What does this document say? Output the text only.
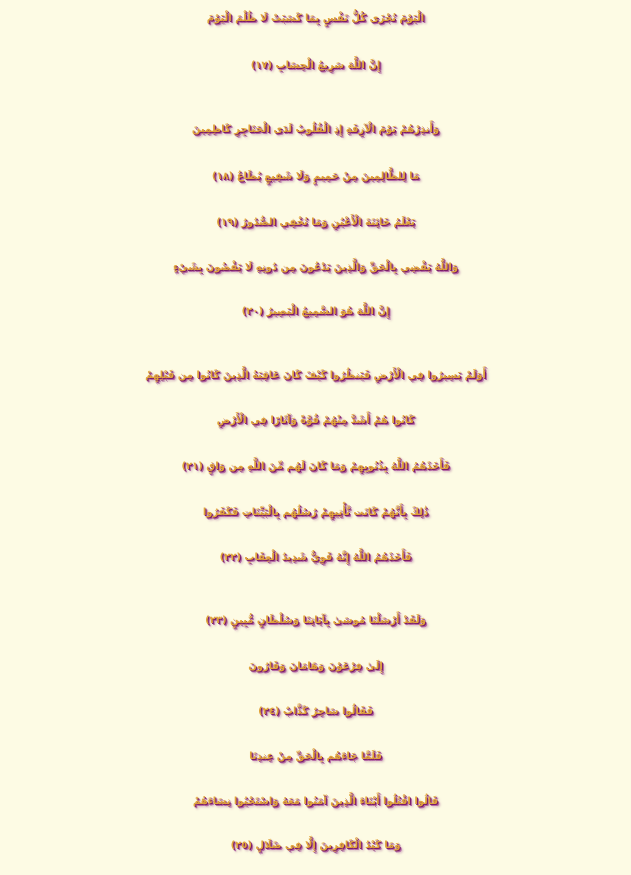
الْيَوْمَ تُجْزَى كُلُّ نَفْسٍ بِمَا كَسَبَتْ لَا ظُلْمَ الْيَوْمَ
إِنَّ اللَّهَ سَرِيعُ الْحِسَابِ (١٧)
وَأَنذِرْهُمْ يَوْمَ الْآزِفَةِ إِذِ الْقُلُوبُ لَدَى الْحَنَاجِرِ كَاظِمِينَ
مَا لِلظَّالِمِينَ مِنْ حَمِيمٍ وَلَا شَفِيعٍ يُطَاعُ (١٨)
يَعْلَمُ خَائِنَةَ الْأَعْيُنِ وَمَا تُخْفِي الصُّدُورُ (١٩)
وَاللَّهُ يَقْضِي بِالْحَقِّ وَالَّذِينَ يَدْعُونَ مِن دُونِهِ لَا يَقْضُونَ بِشَيْءٍ
إِنَّ اللَّهَ هُوَ السَّمِيعُ الْبَصِيرُ (٢٠)
أَوَلَمْ يَسِيرُوا فِي الْأَرْضِ فَيَنظُرُوا كَيْفَ كَانَ عَاقِبَةُ الَّذِينَ كَانُوا مِن قَبْلِهِمْ
كَانُوا هُمْ أَشَدَّ مِنْهُمْ قُوَّةً وَآثَارًا فِي الْأَرْضِ
فَأَخَذَهُمُ اللَّهُ بِذُنُوبِهِمْ وَمَا كَانَ لَهُم مِّنَ اللَّهِ مِن وَاقٍ (٢١)
ذَٰلِكَ بِأَنَّهُمْ كَانَت تَّأْتِيهِمْ رُسُلُهُم بِالْبَيِّنَاتِ فَكَفَرُوا
فَأَخَذَهُمُ اللَّهُ إِنَّهُ قَوِيٌّ شَدِيدُ الْعِقَابِ (٢٢)
وَلَقَدْ أَرْسَلْنَا مُوسَىٰ بِآيَاتِنَا وَسُلْطَانٍ مُّبِينٍ (٢٣)
إِلَىٰ فِرْعَوْنَ وَهَامَانَ وَقَارُونَ
فَقَالُوا سَاحِرٌ كَذَّابٌ (٢٤)
فَلَمَّا جَاءَهُم بِالْحَقِّ مِنْ عِندِنَا
قَالُوا اقْتُلُوا أَبْنَاءَ الَّذِينَ آمَنُوا مَعَهُ وَاسْتَحْيُوا نِسَاءَهُمْ
وَمَا كَيْدُ الْكَافِرِينَ إِلَّا فِي ضَلَالٍ (٢٥)
